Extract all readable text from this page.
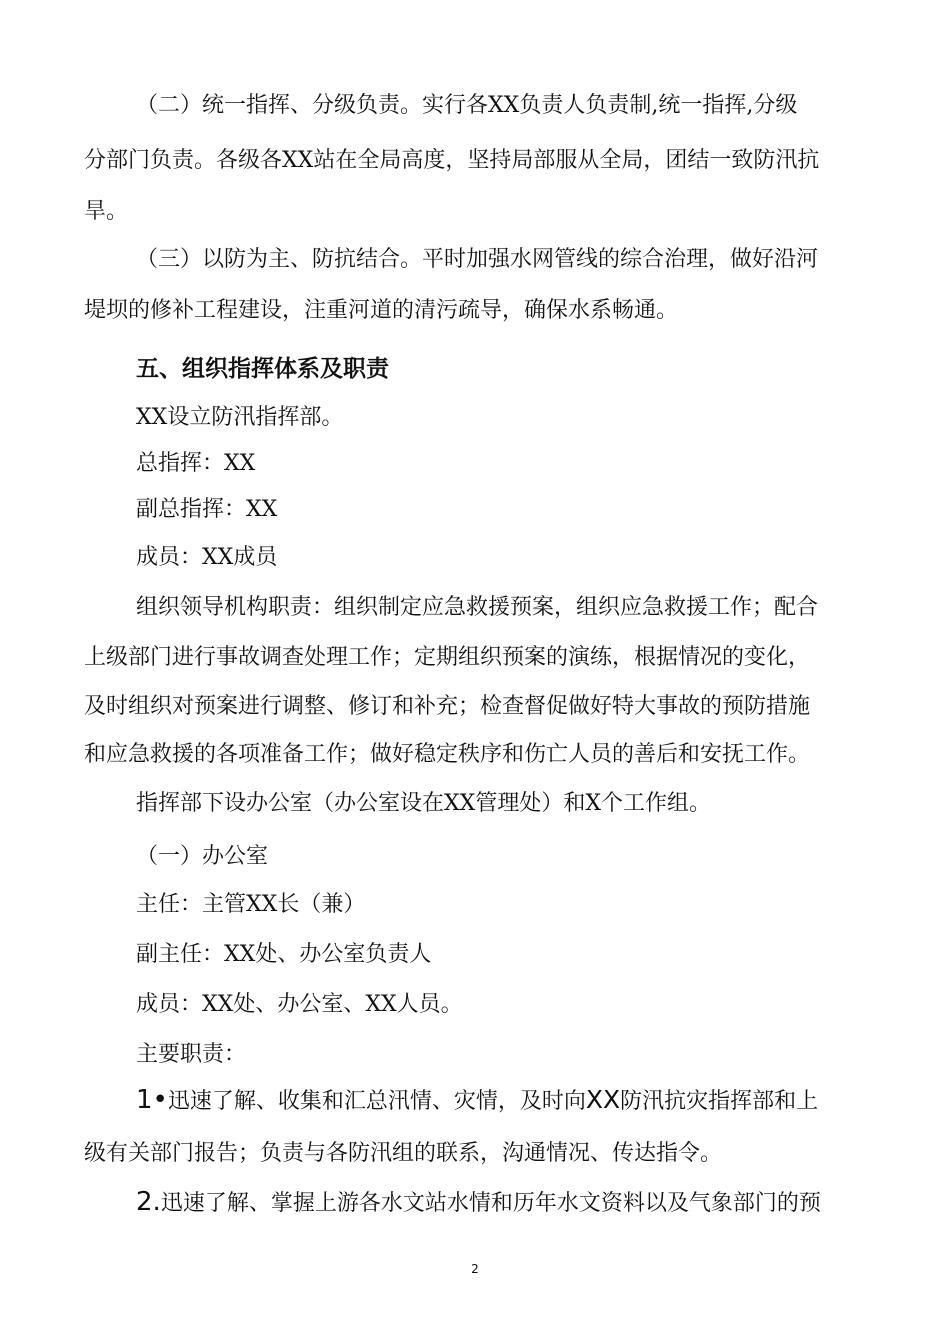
（二）统一指挥、分级负责。实行各XX负责人负责制,统一指挥,分级
分部门负责。各级各XX站在全局高度，坚持局部服从全局，团结一致防汛抗
旱。
（三）以防为主、防抗结合。平时加强水网管线的综合治理，做好沿河
堤坝的修补工程建设，注重河道的清污疏导，确保水系畅通。
五、组织指挥体系及职责
XX设立防汛指挥部。
总指挥：XX
副总指挥：XX
成员：XX成员
组织领导机构职责：组织制定应急救援预案，组织应急救援工作；配合
上级部门进行事故调查处理工作；定期组织预案的演练，根据情况的变化，
及时组织对预案进行调整、修订和补充；检查督促做好特大事故的预防措施
和应急救援的各项准备工作；做好稳定秩序和伤亡人员的善后和安抚工作。
指挥部下设办公室（办公室设在XX管理处）和X个工作组。
（一）办公室
主任：主管XX长（兼）
副主任：XX处、办公室负责人
成员：XX处、办公室、XX人员。
主要职责：
1•迅速了解、收集和汇总汛情、灾情，及时向XX防汛抗灾指挥部和上
级有关部门报告；负责与各防汛组的联系，沟通情况、传达指令。
2.迅速了解、掌握上游各水文站水情和历年水文资料以及气象部门的预
2
